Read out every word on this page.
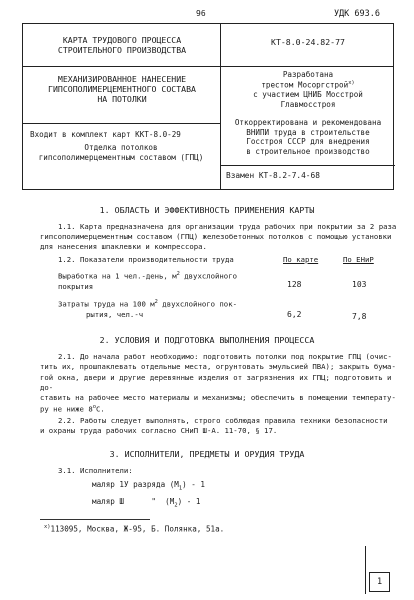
96	УДК 693.6
КАРТА ТРУДОВОГО ПРОЦЕССА
СТРОИТЕЛЬНОГО ПРОИЗВОДСТВА
КТ-8.0-24.82-77
МЕХАНИЗИРОВАННОЕ НАНЕСЕНИЕ
ГИПСОПОЛИМЕРЦЕМЕНТНОГО СОСТАВА
НА ПОТОЛКИ
Разработана
трестом Мосоргстрой$^{x)}$
с участием ЦНИБ Мосстрой
Главмосстроя
Откорректирована и рекомендована
ВНИПИ труда в строительстве
Госстроя СССР для внедрения
в строительное производство
Входит в комплект карт ККТ-8.0-29
Отделка потолков
гипсополимерцементным составом (ГПЦ)
Взамен КТ-8.2-7.4-68
1. ОБЛАСТЬ И ЭФФЕКТИВНОСТЬ ПРИМЕНЕНИЯ КАРТЫ
1.1. Карта предназначена для организации труда рабочих при покрытии за 2 раза
гипсополимерцементным составом (ГПЦ) железобетонных потолков с помощью установки
для нанесения шпаклевки и компрессора.
1.2. Показатели производительности труда	По карте	По ЕНиР
Выработка на 1 чел.-день, $м^2$ двухслойного
покрытия	128	103
Затраты труда на 100 $м^2$ двухслойного пок-
рытия, чел.-ч	6,2	7,8
2. УСЛОВИЯ И ПОДГОТОВКА ВЫПОЛНЕНИЯ ПРОЦЕССА
2.1. До начала работ необходимо: подготовить потолки под покрытие ГПЦ (очис-
тить их, прошпаклевать отдельные места, огрунтовать эмульсией ПВА); закрыть бума-
гой окна, двери и другие деревянные изделия от загрязнения их ГПЦ; подготовить и до-
ставить на рабочее место материалы и механизмы; обеспечить в помещении температу-
ру не ниже 8$^o$С.
2.2. Работы следует выполнять, строго соблюдая правила техники безопасности
и охраны труда рабочих согласно СНиП Ш-А. 11-70, § 17.
3. ИСПОЛНИТЕЛИ, ПРЕДМЕТЫ И ОРУДИЯ ТРУДА
3.1. Исполнители:
маляр 1У разряда $(М_1) - 1$
маляр Ш      " $(М_2) - 1$
$^{x)}$113095, Москва, Ж-95, Б. Полянка, 51а.
1
